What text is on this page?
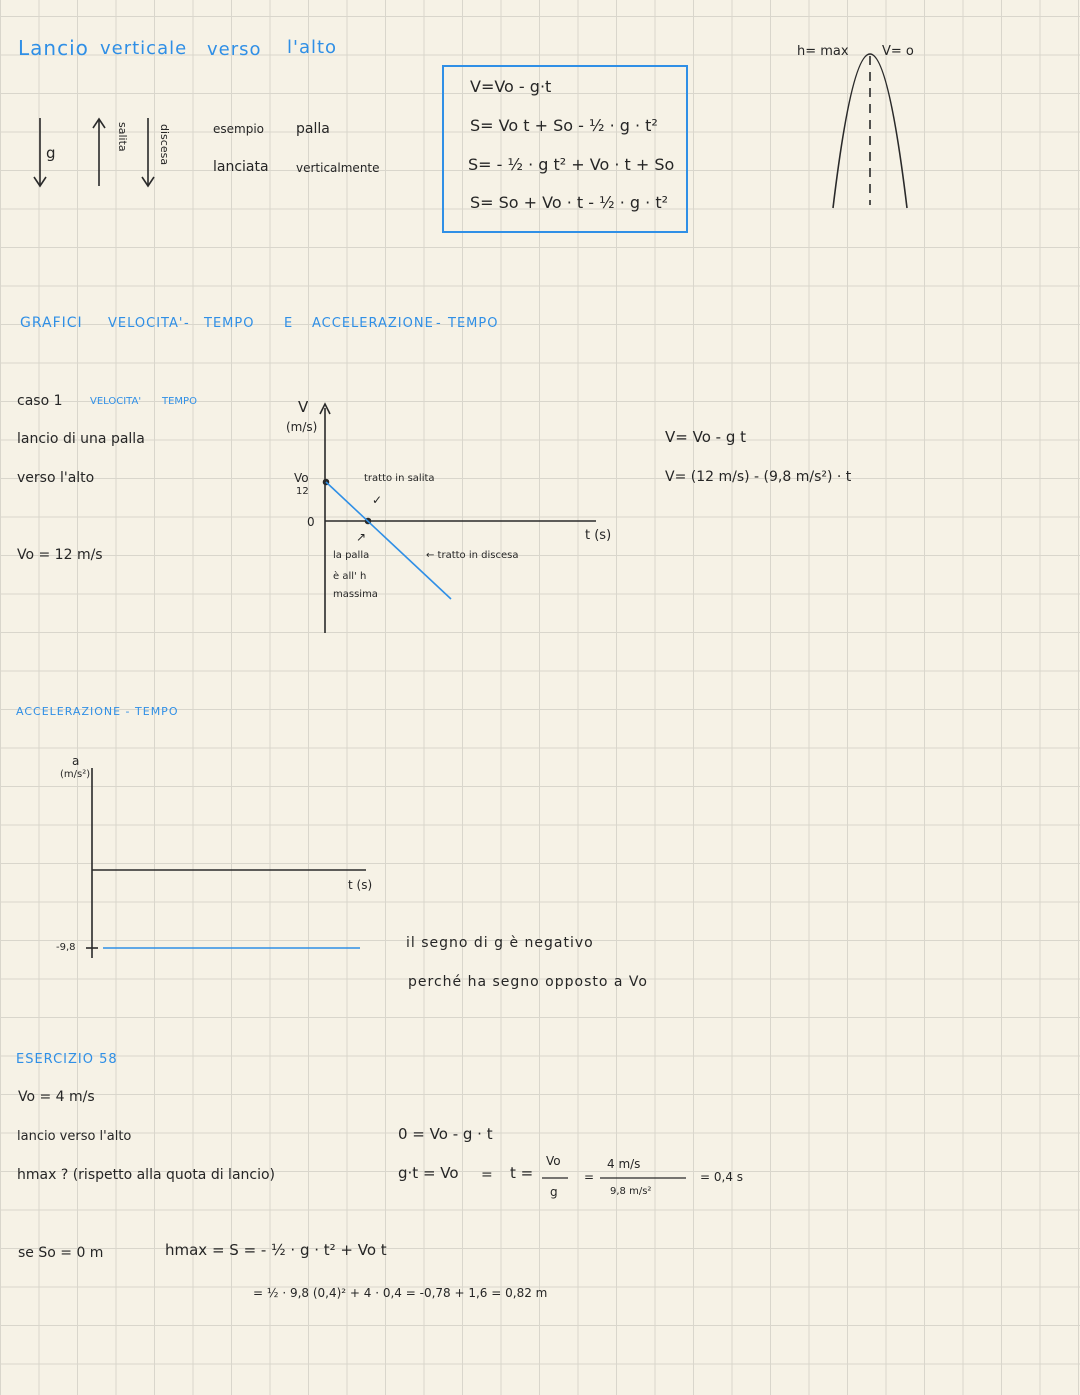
Lancio verticale verso l'alto
g
salita	discesa	esempio palla
lanciata verticalmente
V=Vo - g·t
S= Vo t + So - ½ · g · t²
S= - ½ · g t² + Vo · t + So
S= So + Vo · t - ½ · g · t²
h= max	V= o
GRAFICI VELOCITA' - TEMPO E ACCELERAZIONE - TEMPO
caso 1	VELOCITA' TEMPO
lancio di una palla
verso l'alto
Vo = 12 m/s
V
(m/s)
Vo
12
0
t (s)
tratto in salita
✓
↗
la palla
è all' h
massima
← tratto in discesa
V= Vo - g t
V= (12 m/s) - (9,8 m/s²) · t
ACCELERAZIONE - TEMPO
a
(m/s²)
t (s)
-9,8	il segno di g è negativo
perché ha segno opposto a Vo
ESERCIZIO 58
Vo = 4 m/s
lancio verso l'alto
hmax ? (rispetto alla quota di lancio)
0 = Vo - g · t
g·t = Vo = t =
Vo
g
=
4 m/s
9,8 m/s²
= 0,4 s
se So = 0 m	hmax = S = - ½ · g · t² + Vo t
= ½ · 9,8 (0,4)² + 4 · 0,4 = -0,78 + 1,6 = 0,82 m
